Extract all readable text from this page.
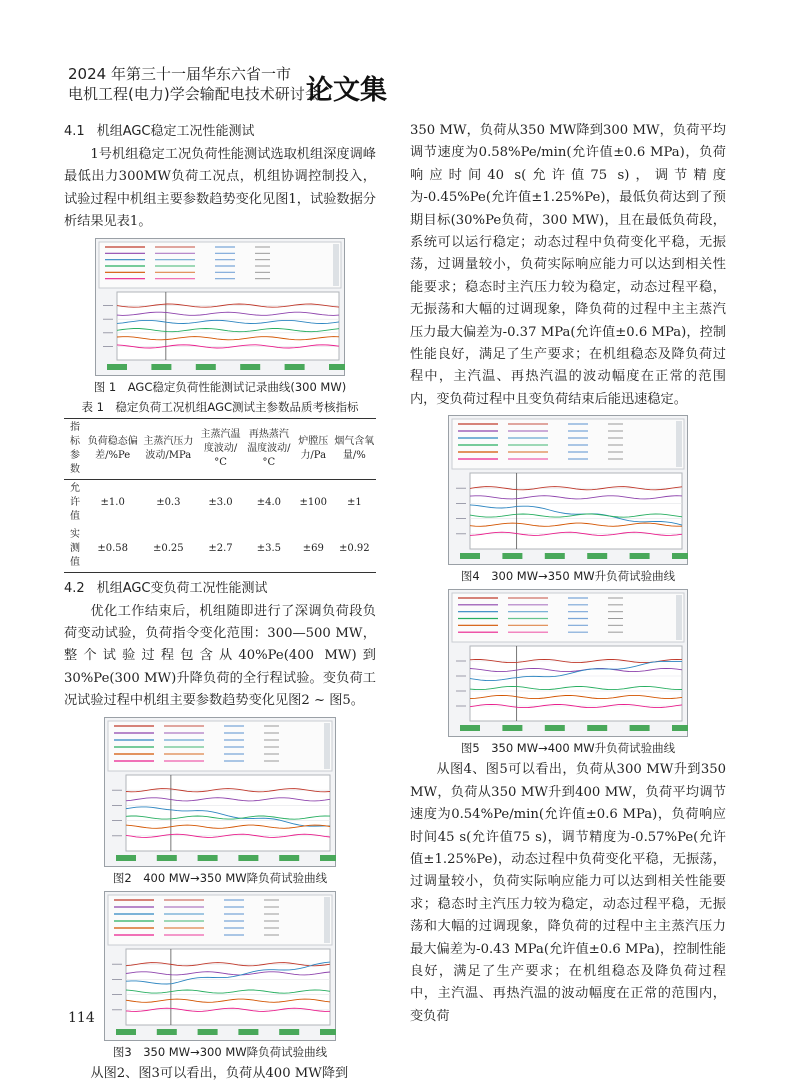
2024 年第三十一届华东六省一市
电机工程(电力)学会输配电技术研讨会
论文集
4.1 机组AGC稳定工况性能测试

1号机组稳定工况负荷性能测试选取机组深度调峰最低出力300MW负荷工况点，机组协调控制投入，试验过程中机组主要参数趋势变化见图1，试验数据分析结果见表1。

图 1　AGC稳定负荷性能测试记录曲线(300 MW)
表 1　稳定负荷工况机组AGC测试主参数品质考核指标
指标参数	负荷稳态偏差/%Pe	主蒸汽压力波动/MPa	主蒸汽温度波动/°C	再热蒸汽温度波动/°C	炉膛压力/Pa	烟气含氧量/%
允许值	±1.0	±0.3	±3.0	±4.0	±100	±1
实测值	±0.58	±0.25	±2.7	±3.5	±69	±0.92
4.2 机组AGC变负荷工况性能测试

优化工作结束后，机组随即进行了深调负荷段负荷变动试验，负荷指令变化范围：300—500 MW，整个试验过程包含从40%Pe(400 MW)到30%Pe(300 MW)升降负荷的全行程试验。变负荷工况试验过程中机组主要参数趋势变化见图2 ~ 图5。

图2　400 MW→350 MW降负荷试验曲线
图3　350 MW→300 MW降负荷试验曲线

从图2、图3可以看出，负荷从400 MW降到

350 MW，负荷从350 MW降到300 MW，负荷平均调节速度为0.58%Pe/min(允许值±0.6 MPa)，负荷响应时间40 s(允许值75 s)，调节精度为-0.45%Pe(允许值±1.25%Pe)，最低负荷达到了预期目标(30%Pe负荷，300 MW)，且在最低负荷段，系统可以运行稳定；动态过程中负荷变化平稳，无振荡，过调量较小，负荷实际响应能力可以达到相关性能要求；稳态时主汽压力较为稳定，动态过程平稳，无振荡和大幅的过调现象，降负荷的过程中主主蒸汽压力最大偏差为-0.37 MPa(允许值±0.6 MPa)，控制性能良好，满足了生产要求；在机组稳态及降负荷过程中，主汽温、再热汽温的波动幅度在正常的范围内，变负荷过程中且变负荷结束后能迅速稳定。

图4　300 MW→350 MW升负荷试验曲线
图5　350 MW→400 MW升负荷试验曲线

从图4、图5可以看出，负荷从300 MW升到350 MW，负荷从350 MW升到400 MW，负荷平均调节速度为0.54%Pe/min(允许值±0.6 MPa)，负荷响应时间45 s(允许值75 s)，调节精度为-0.57%Pe(允许值±1.25%Pe)，动态过程中负荷变化平稳，无振荡，过调量较小，负荷实际响应能力可以达到相关性能要求；稳态时主汽压力较为稳定，动态过程平稳，无振荡和大幅的过调现象，降负荷的过程中主主蒸汽压力最大偏差为-0.43 MPa(允许值±0.6 MPa)，控制性能良好，满足了生产要求；在机组稳态及降负荷过程中，主汽温、再热汽温的波动幅度在正常的范围内，变负荷

114
